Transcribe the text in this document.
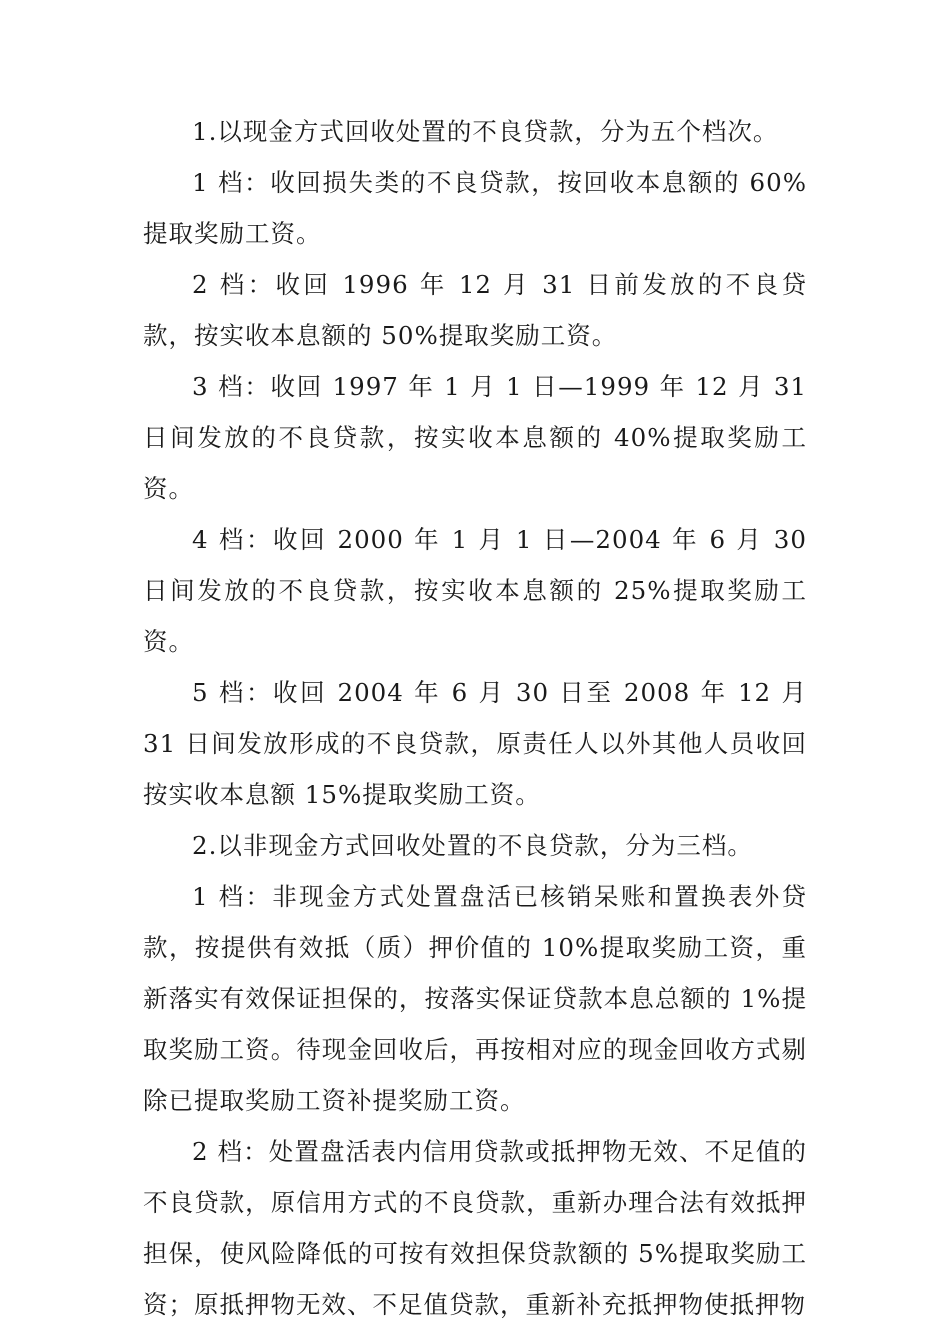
1.以现金方式回收处置的不良贷款，分为五个档次。

1 档：收回损失类的不良贷款，按回收本息额的 60%提取奖励工资。

2 档：收回 1996 年 12 月 31 日前发放的不良贷款，按实收本息额的 50%提取奖励工资。

3 档：收回 1997 年 1 月 1 日—1999 年 12 月 31 日间发放的不良贷款，按实收本息额的 40%提取奖励工资。

4 档：收回 2000 年 1 月 1 日—2004 年 6 月 30 日间发放的不良贷款，按实收本息额的 25%提取奖励工资。

5 档：收回 2004 年 6 月 30 日至 2008 年 12 月 31 日间发放形成的不良贷款，原责任人以外其他人员收回按实收本息额 15%提取奖励工资。

2.以非现金方式回收处置的不良贷款，分为三档。

1 档：非现金方式处置盘活已核销呆账和置换表外贷款，按提供有效抵（质）押价值的 10%提取奖励工资，重新落实有效保证担保的，按落实保证贷款本息总额的 1%提取奖励工资。待现金回收后，再按相对应的现金回收方式剔除已提取奖励工资补提奖励工资。

2 档：处置盘活表内信用贷款或抵押物无效、不足值的不良贷款，原信用方式的不良贷款，重新办理合法有效抵押担保，使风险降低的可按有效担保贷款额的 5%提取奖励工资；原抵押物无效、不足值贷款，重新补充抵押物使抵押物
